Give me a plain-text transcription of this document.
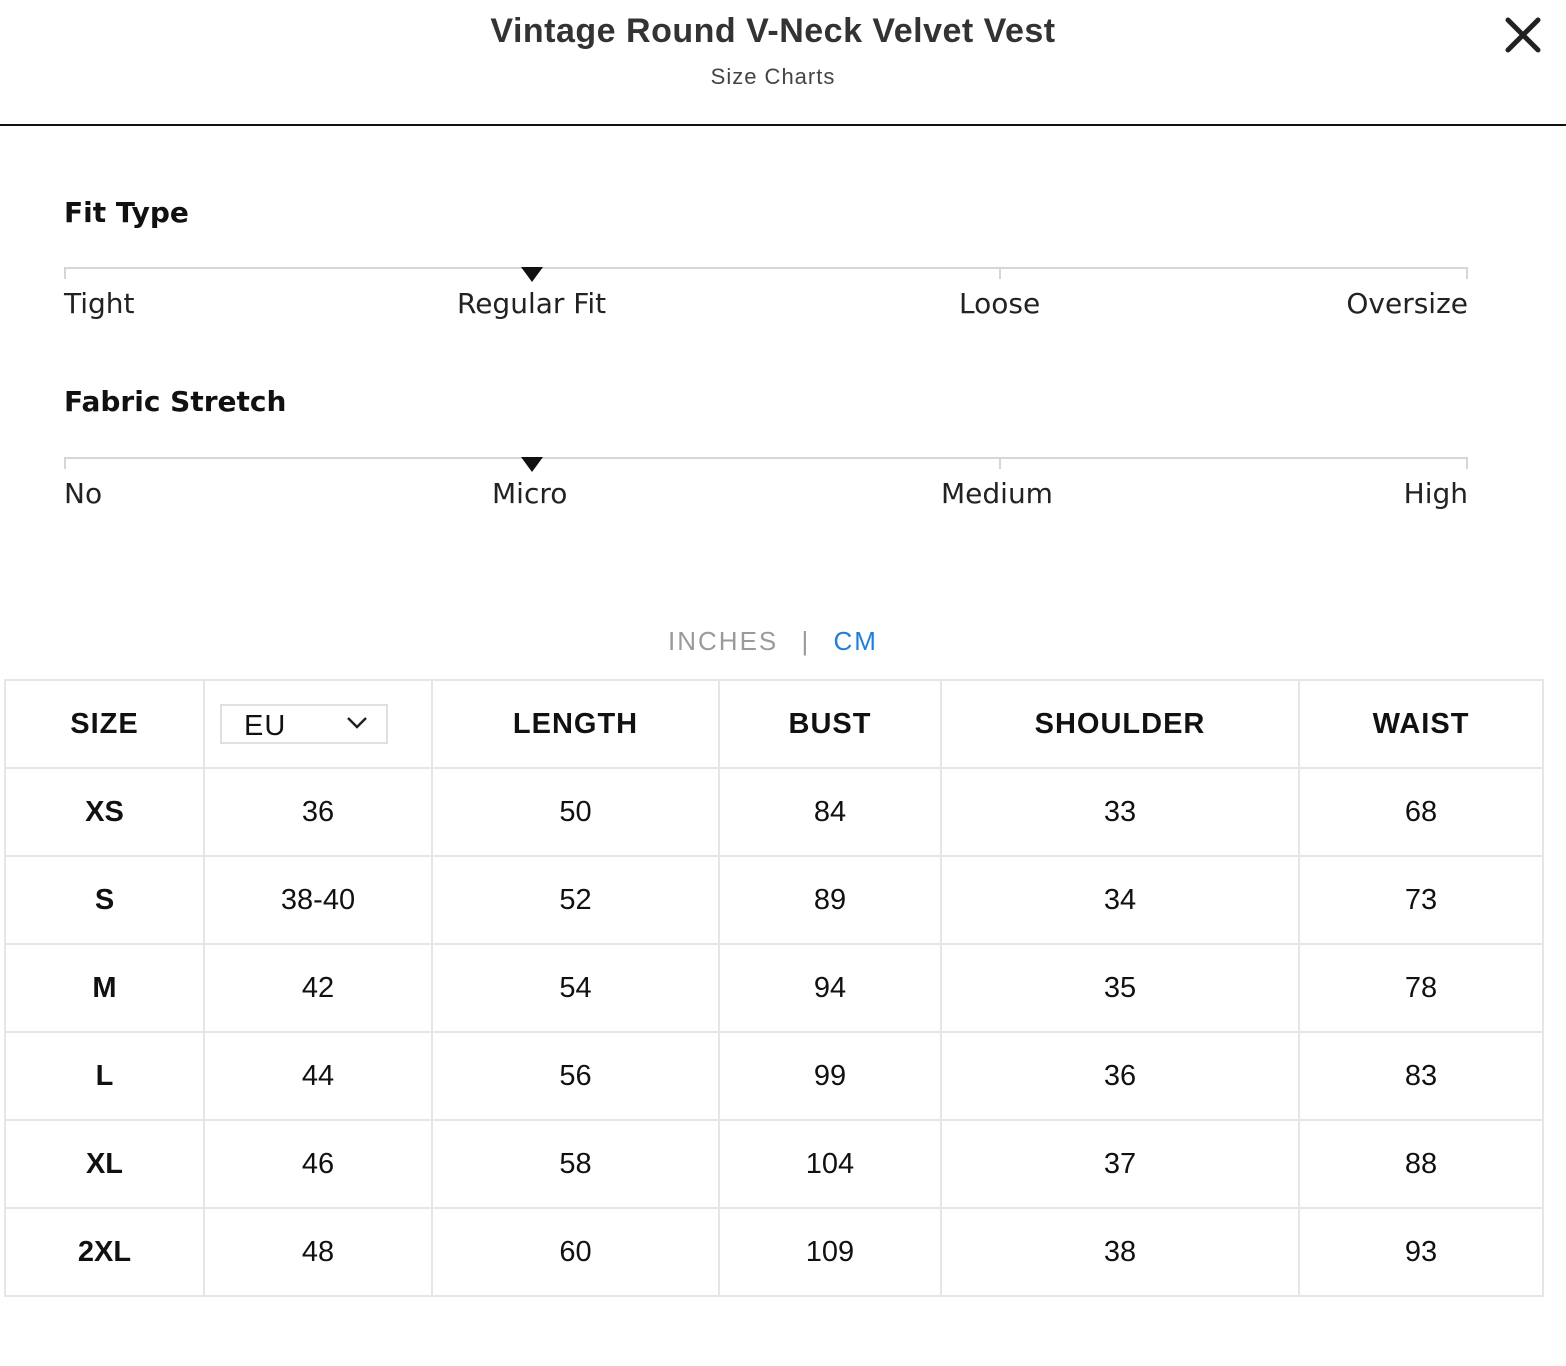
Vintage Round V-Neck Velvet Vest
Size Charts
Fit Type
Tight	Regular Fit	Loose	Oversize
Fabric Stretch
No	Micro	Medium	High
INCHES | CM
SIZE	EU	LENGTH	BUST	SHOULDER	WAIST
XS	36	50	84	33	68
S	38-40	52	89	34	73
M	42	54	94	35	78
L	44	56	99	36	83
XL	46	58	104	37	88
2XL	48	60	109	38	93
